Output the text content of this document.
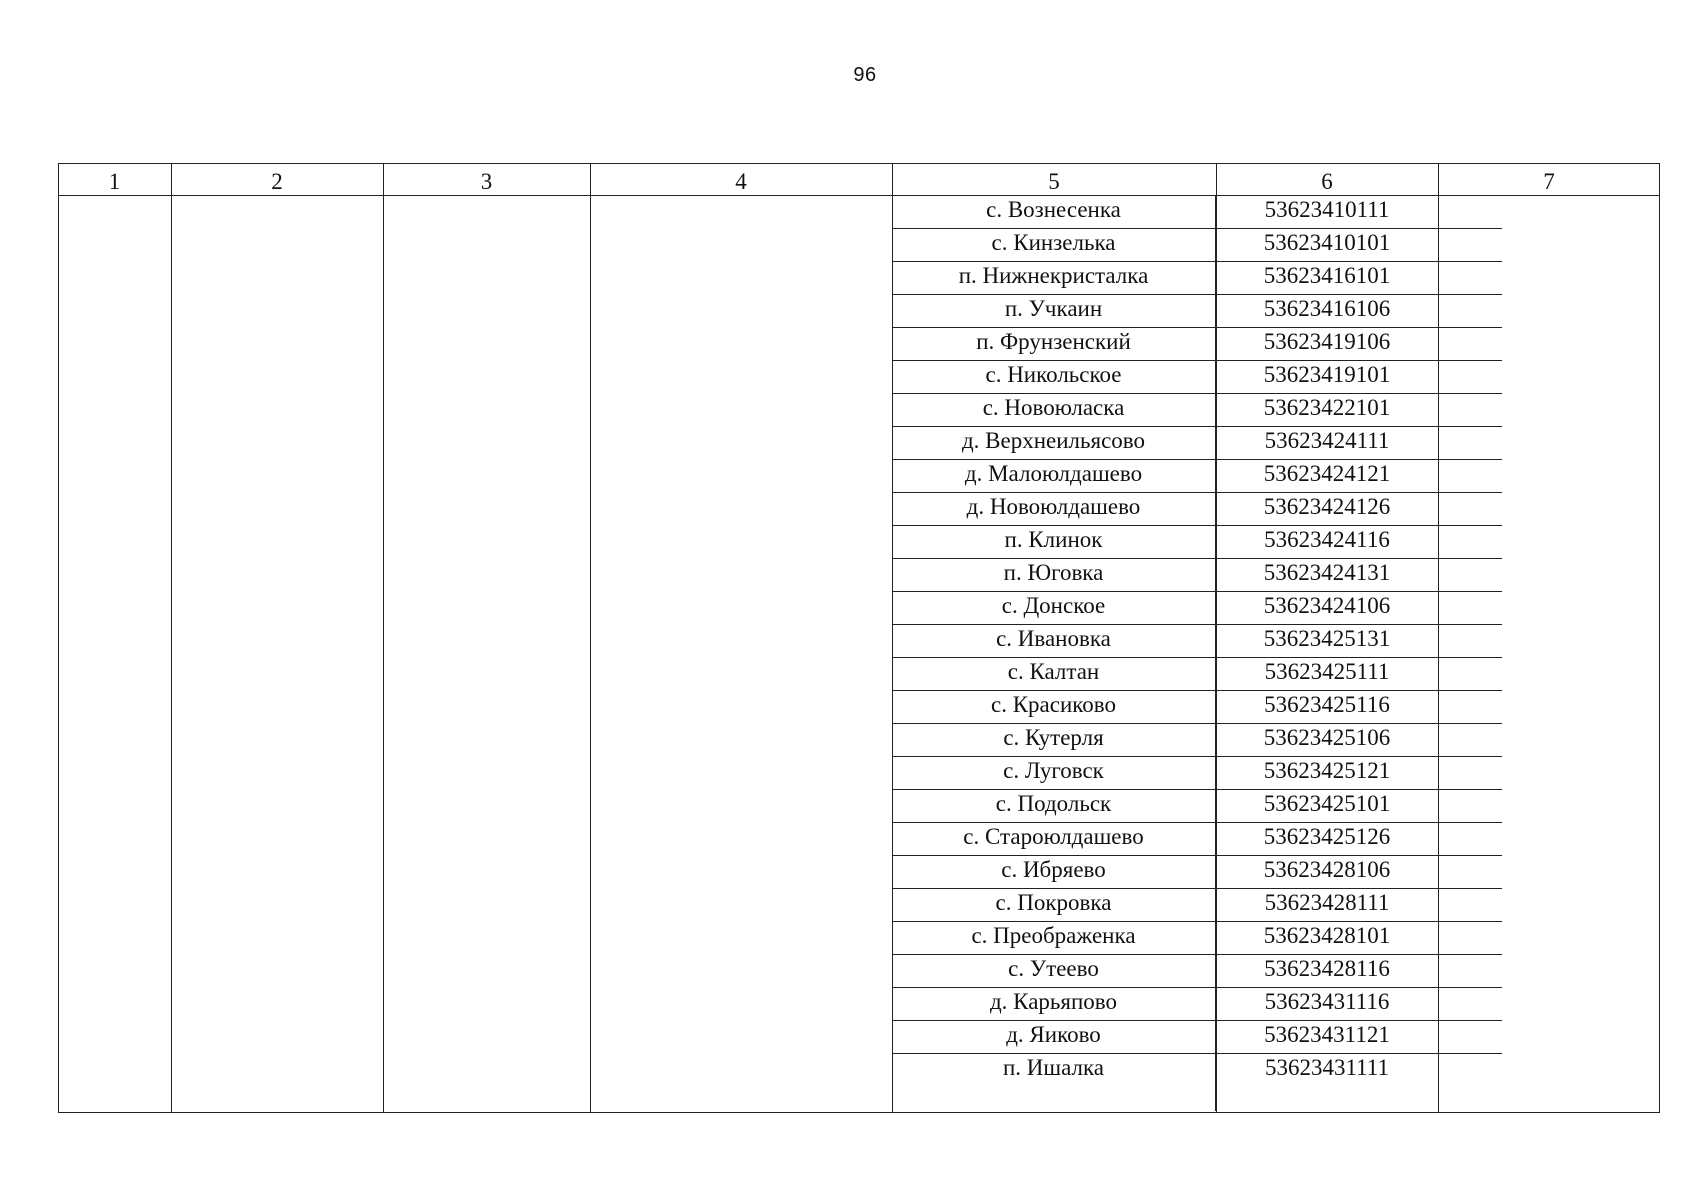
96
1	2	3	4	5	6	7
с. Вознесенка	53623410111
с. Кинзелька	53623410101
п. Нижнекристалка	53623416101
п. Учкаин	53623416106
п. Фрунзенский	53623419106
с. Никольское	53623419101
с. Новоюласка	53623422101
д. Верхнеильясово	53623424111
д. Малоюлдашево	53623424121
д. Новоюлдашево	53623424126
п. Клинок	53623424116
п. Юговка	53623424131
с. Донское	53623424106
с. Ивановка	53623425131
с. Калтан	53623425111
с. Красиково	53623425116
с. Кутерля	53623425106
с. Луговск	53623425121
с. Подольск	53623425101
с. Староюлдашево	53623425126
с. Ибряево	53623428106
с. Покровка	53623428111
с. Преображенка	53623428101
с. Утеево	53623428116
д. Карьяпово	53623431116
д. Яиково	53623431121
п. Ишалка	53623431111
